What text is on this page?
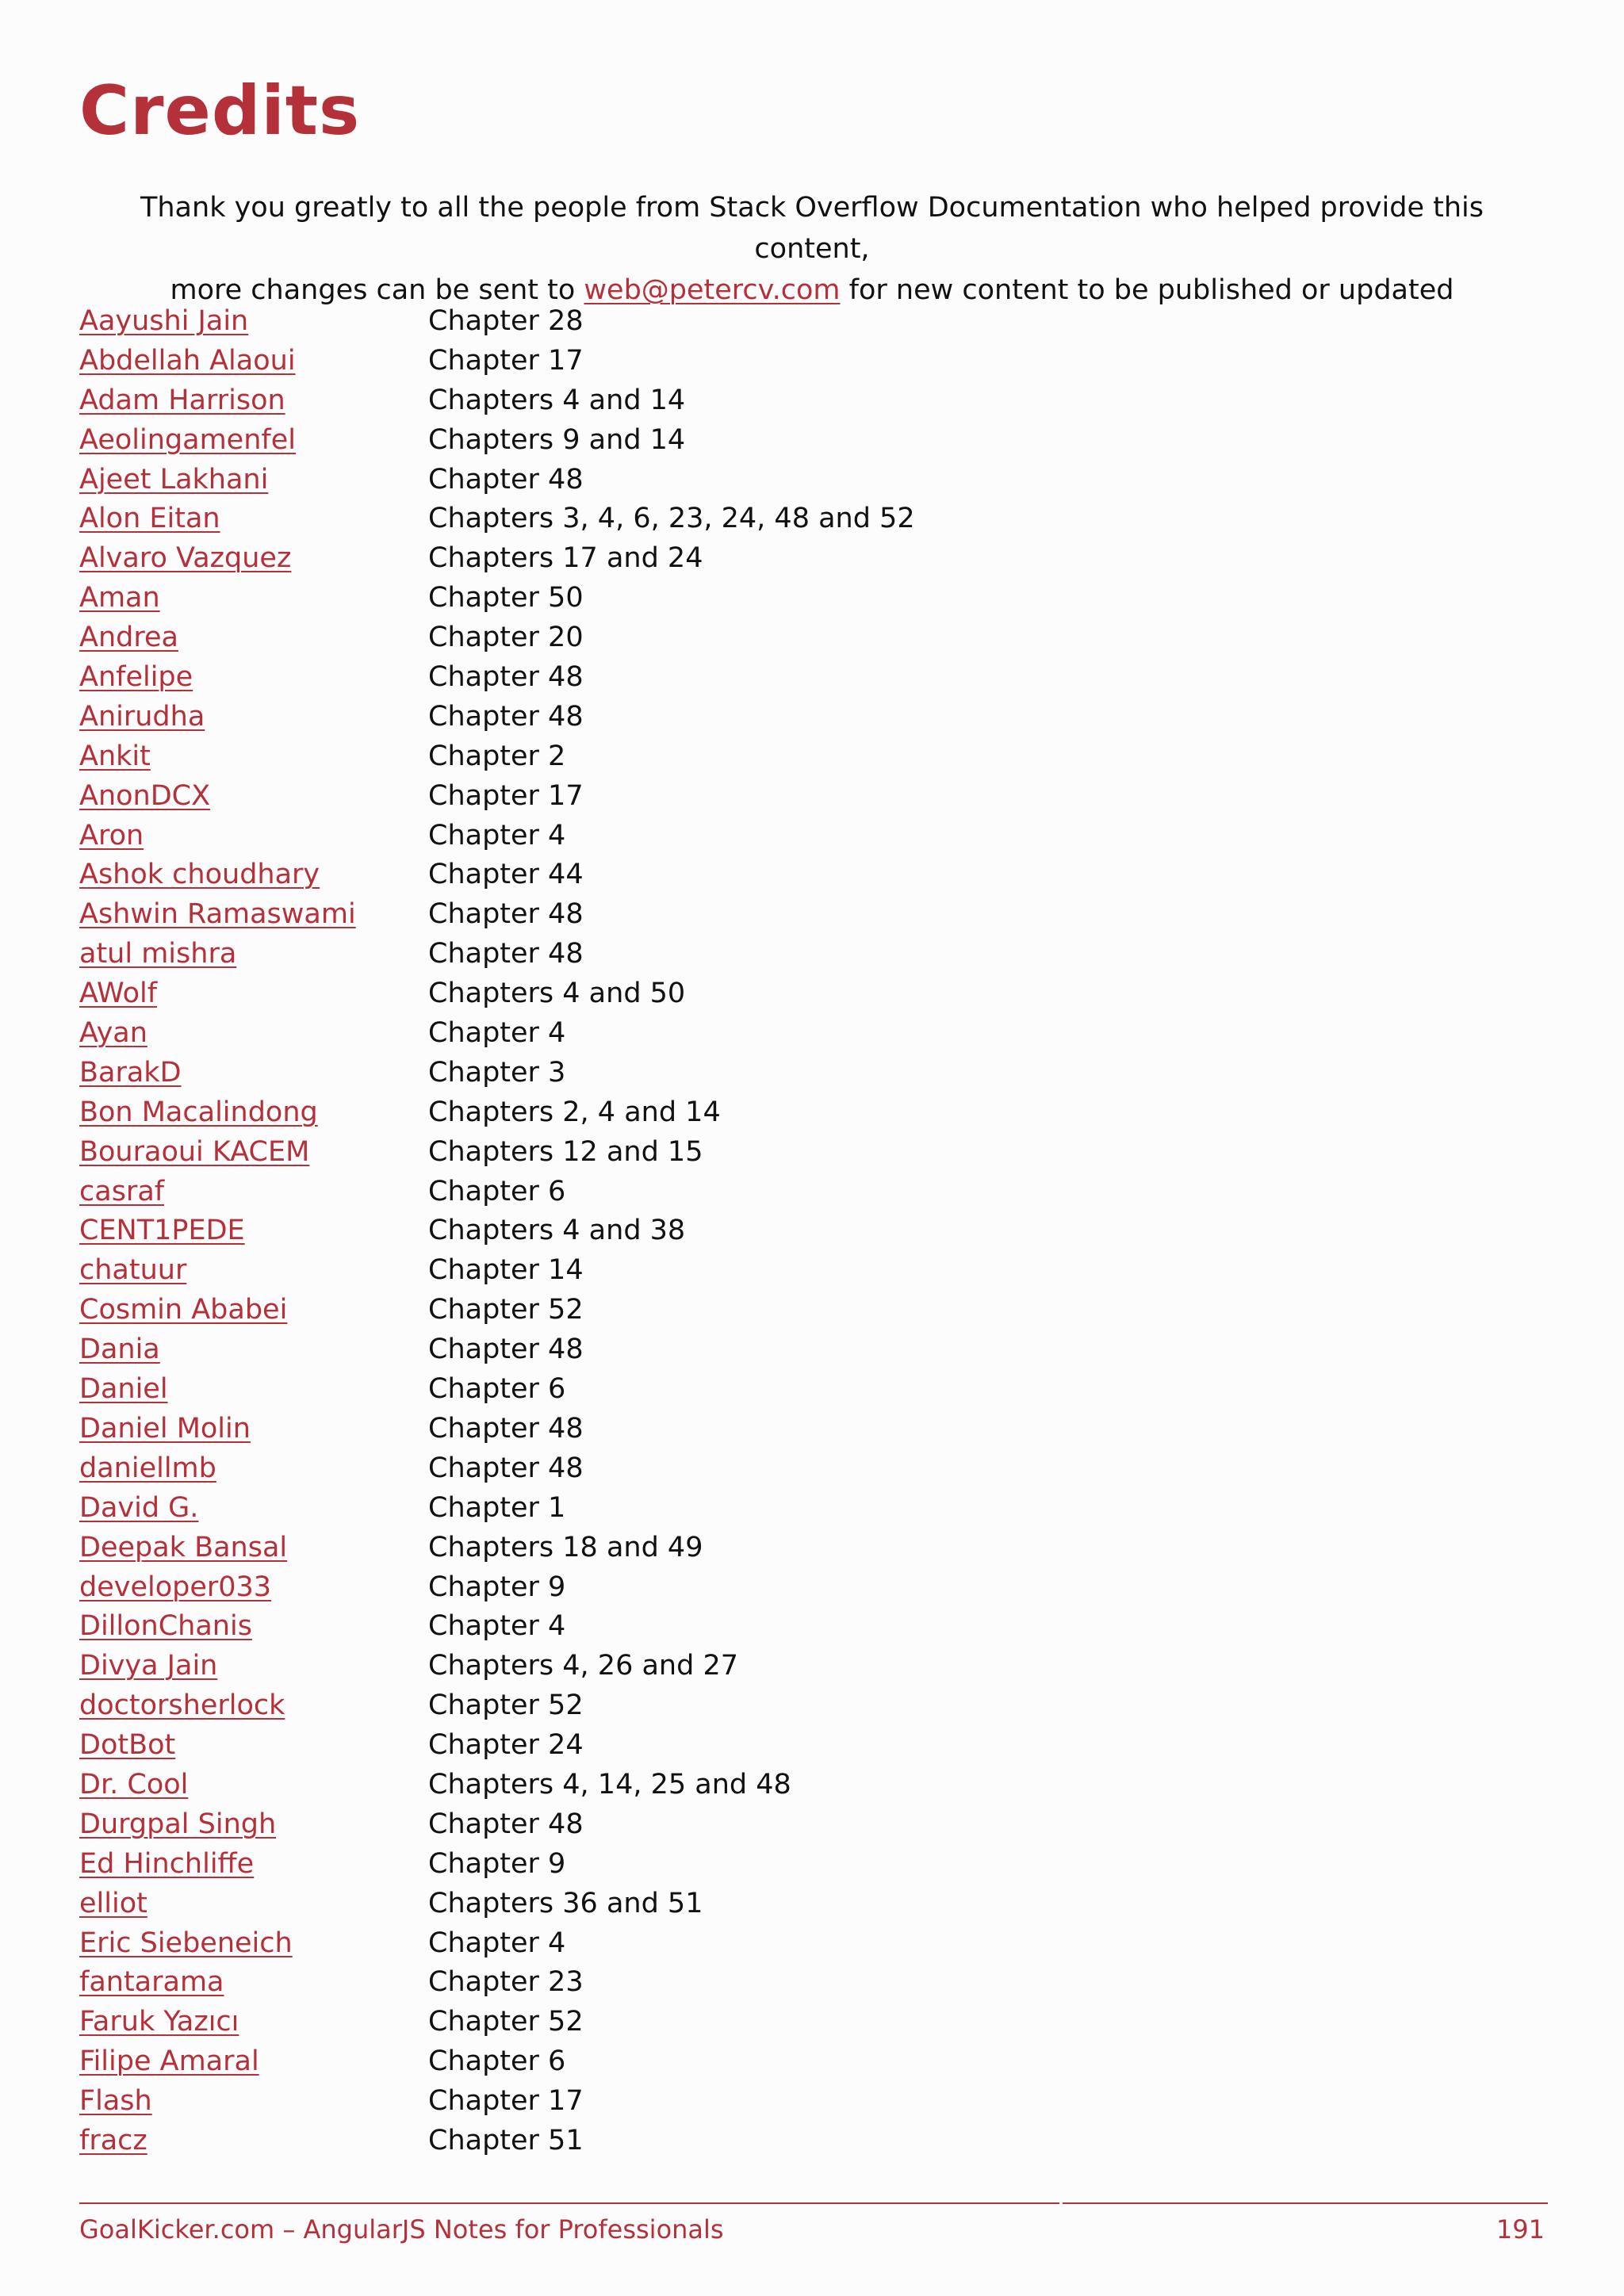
Credits
Thank you greatly to all the people from Stack Overflow Documentation who helped provide this content,
more changes can be sent to web@petercv.com for new content to be published or updated
Aayushi Jain	Chapter 28
Abdellah Alaoui	Chapter 17
Adam Harrison	Chapters 4 and 14
Aeolingamenfel	Chapters 9 and 14
Ajeet Lakhani	Chapter 48
Alon Eitan	Chapters 3, 4, 6, 23, 24, 48 and 52
Alvaro Vazquez	Chapters 17 and 24
Aman	Chapter 50
Andrea	Chapter 20
Anfelipe	Chapter 48
Anirudha	Chapter 48
Ankit	Chapter 2
AnonDCX	Chapter 17
Aron	Chapter 4
Ashok choudhary	Chapter 44
Ashwin Ramaswami	Chapter 48
atul mishra	Chapter 48
AWolf	Chapters 4 and 50
Ayan	Chapter 4
BarakD	Chapter 3
Bon Macalindong	Chapters 2, 4 and 14
Bouraoui KACEM	Chapters 12 and 15
casraf	Chapter 6
CENT1PEDE	Chapters 4 and 38
chatuur	Chapter 14
Cosmin Ababei	Chapter 52
Dania	Chapter 48
Daniel	Chapter 6
Daniel Molin	Chapter 48
daniellmb	Chapter 48
David G.	Chapter 1
Deepak Bansal	Chapters 18 and 49
developer033	Chapter 9
DillonChanis	Chapter 4
Divya Jain	Chapters 4, 26 and 27
doctorsherlock	Chapter 52
DotBot	Chapter 24
Dr. Cool	Chapters 4, 14, 25 and 48
Durgpal Singh	Chapter 48
Ed Hinchliffe	Chapter 9
elliot	Chapters 36 and 51
Eric Siebeneich	Chapter 4
fantarama	Chapter 23
Faruk Yazıcı	Chapter 52
Filipe Amaral	Chapter 6
Flash	Chapter 17
fracz	Chapter 51
GoalKicker.com – AngularJS Notes for Professionals	191
